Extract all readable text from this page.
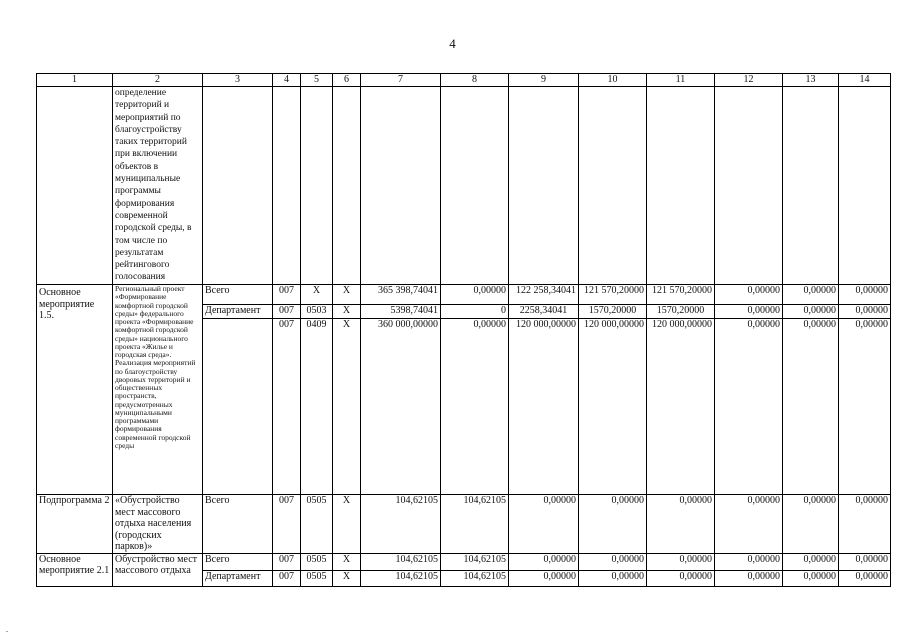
4
1	2	3	4	5	6	7	8	9	10	11	12	13	14
	определение территорий и мероприятий по благоустройству таких территорий при включении объектов в муниципальные программы формирования современной городской среды, в том числе по результатам рейтингового голосования												
Основное мероприятие 1.5.	Региональный проект «Формирование комфортной городской среды» федерального проекта «Формирование комфортной городской среды» национального проекта «Жилье и городская среда». Реализация мероприятий по благоустройству дворовых территорий и общественных пространств, предусмотренных муниципальными программами формирования современной городской среды	Всего	007	Х	Х	365 398,74041	0,00000	122 258,34041	121 570,20000	121 570,20000	0,00000	0,00000	0,00000
		Департамент	007	0503	Х	5398,74041	0	2258,34041	1570,20000	1570,20000	0,00000	0,00000	0,00000
			007	0409	Х	360 000,00000	0,00000	120 000,00000	120 000,00000	120 000,00000	0,00000	0,00000	0,00000
Подпрограмма 2	«Обустройство мест массового отдыха населения (городских парков)»	Всего	007	0505	Х	104,62105	104,62105	0,00000	0,00000	0,00000	0,00000	0,00000	0,00000
Основное мероприятие 2.1	Обустройство мест массового отдыха	Всего	007	0505	Х	104,62105	104,62105	0,00000	0,00000	0,00000	0,00000	0,00000	0,00000
		Департамент	007	0505	Х	104,62105	104,62105	0,00000	0,00000	0,00000	0,00000	0,00000	0,00000
.
